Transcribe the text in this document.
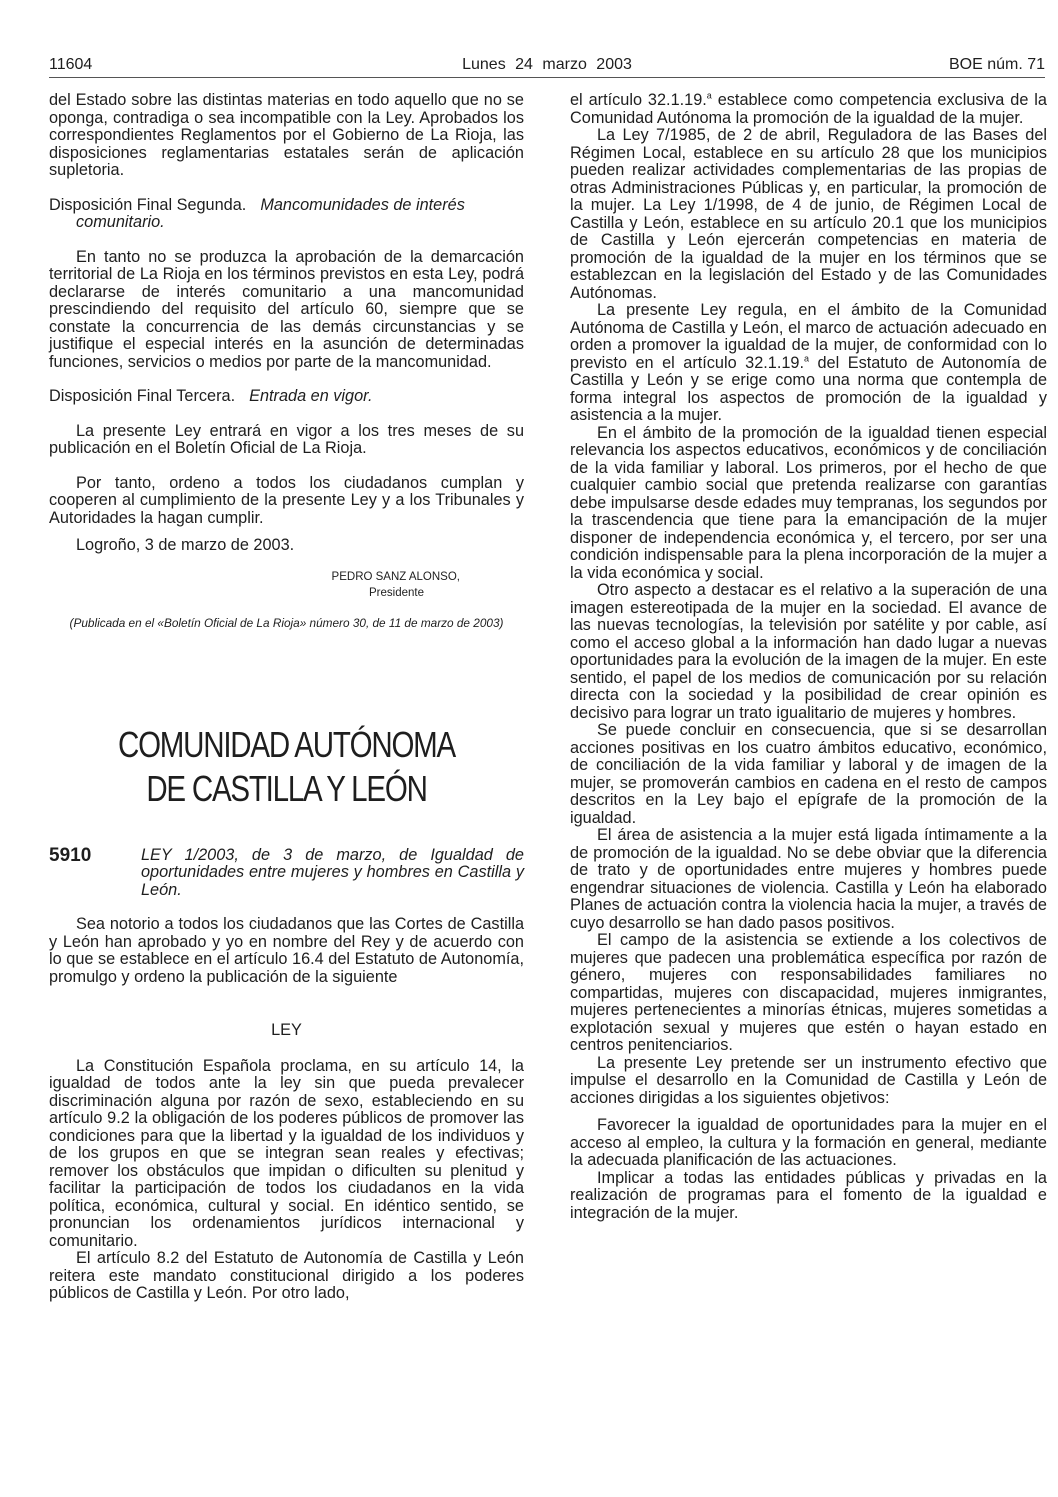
11604	Lunes 24 marzo 2003	BOE núm. 71

del Estado sobre las distintas materias en todo aquello que no se oponga, contradiga o sea incompatible con la Ley. Aprobados los correspondientes Reglamentos por el Gobierno de La Rioja, las disposiciones reglamentarias estatales serán de aplicación supletoria.

Disposición Final Segunda. Mancomunidades de interés comunitario.

En tanto no se produzca la aprobación de la demarcación territorial de La Rioja en los términos previstos en esta Ley, podrá declararse de interés comunitario a una mancomunidad prescindiendo del requisito del artículo 60, siempre que se constate la concurrencia de las demás circunstancias y se justifique el especial interés en la asunción de determinadas funciones, servicios o medios por parte de la mancomunidad.

Disposición Final Tercera. Entrada en vigor.

La presente Ley entrará en vigor a los tres meses de su publicación en el Boletín Oficial de La Rioja.

Por tanto, ordeno a todos los ciudadanos cumplan y cooperen al cumplimiento de la presente Ley y a los Tribunales y Autoridades la hagan cumplir.

Logroño, 3 de marzo de 2003.

PEDRO SANZ ALONSO,
Presidente

(Publicada en el «Boletín Oficial de La Rioja» número 30, de 11 de marzo de 2003)

COMUNIDAD AUTÓNOMA
DE CASTILLA Y LEÓN
5910	LEY 1/2003, de 3 de marzo, de Igualdad de oportunidades entre mujeres y hombres en Castilla y León.

Sea notorio a todos los ciudadanos que las Cortes de Castilla y León han aprobado y yo en nombre del Rey y de acuerdo con lo que se establece en el artículo 16.4 del Estatuto de Autonomía, promulgo y ordeno la publicación de la siguiente

LEY

La Constitución Española proclama, en su artículo 14, la igualdad de todos ante la ley sin que pueda prevalecer discriminación alguna por razón de sexo, estableciendo en su artículo 9.2 la obligación de los poderes públicos de promover las condiciones para que la libertad y la igualdad de los individuos y de los grupos en que se integran sean reales y efectivas; remover los obstáculos que impidan o dificulten su plenitud y facilitar la participación de todos los ciudadanos en la vida política, económica, cultural y social. En idéntico sentido, se pronuncian los ordenamientos jurídicos internacional y comunitario.

El artículo 8.2 del Estatuto de Autonomía de Castilla y León reitera este mandato constitucional dirigido a los poderes públicos de Castilla y León. Por otro lado,

el artículo 32.1.19.$^a$ establece como competencia exclusiva de la Comunidad Autónoma la promoción de la igualdad de la mujer.

La Ley 7/1985, de 2 de abril, Reguladora de las Bases del Régimen Local, establece en su artículo 28 que los municipios pueden realizar actividades complementarias de las propias de otras Administraciones Públicas y, en particular, la promoción de la mujer. La Ley 1/1998, de 4 de junio, de Régimen Local de Castilla y León, establece en su artículo 20.1 que los municipios de Castilla y León ejercerán competencias en materia de promoción de la igualdad de la mujer en los términos que se establezcan en la legislación del Estado y de las Comunidades Autónomas.

La presente Ley regula, en el ámbito de la Comunidad Autónoma de Castilla y León, el marco de actuación adecuado en orden a promover la igualdad de la mujer, de conformidad con lo previsto en el artículo 32.1.19.$^a$ del Estatuto de Autonomía de Castilla y León y se erige como una norma que contempla de forma integral los aspectos de promoción de la igualdad y asistencia a la mujer.

En el ámbito de la promoción de la igualdad tienen especial relevancia los aspectos educativos, económicos y de conciliación de la vida familiar y laboral. Los primeros, por el hecho de que cualquier cambio social que pretenda realizarse con garantías debe impulsarse desde edades muy tempranas, los segundos por la trascendencia que tiene para la emancipación de la mujer disponer de independencia económica y, el tercero, por ser una condición indispensable para la plena incorporación de la mujer a la vida económica y social.

Otro aspecto a destacar es el relativo a la superación de una imagen estereotipada de la mujer en la sociedad. El avance de las nuevas tecnologías, la televisión por satélite y por cable, así como el acceso global a la información han dado lugar a nuevas oportunidades para la evolución de la imagen de la mujer. En este sentido, el papel de los medios de comunicación por su relación directa con la sociedad y la posibilidad de crear opinión es decisivo para lograr un trato igualitario de mujeres y hombres.

Se puede concluir en consecuencia, que si se desarrollan acciones positivas en los cuatro ámbitos educativo, económico, de conciliación de la vida familiar y laboral y de imagen de la mujer, se promoverán cambios en cadena en el resto de campos descritos en la Ley bajo el epígrafe de la promoción de la igualdad.

El área de asistencia a la mujer está ligada íntimamente a la de promoción de la igualdad. No se debe obviar que la diferencia de trato y de oportunidades entre mujeres y hombres puede engendrar situaciones de violencia. Castilla y León ha elaborado Planes de actuación contra la violencia hacia la mujer, a través de cuyo desarrollo se han dado pasos positivos.

El campo de la asistencia se extiende a los colectivos de mujeres que padecen una problemática específica por razón de género, mujeres con responsabilidades familiares no compartidas, mujeres con discapacidad, mujeres inmigrantes, mujeres pertenecientes a minorías étnicas, mujeres sometidas a explotación sexual y mujeres que estén o hayan estado en centros penitenciarios.

La presente Ley pretende ser un instrumento efectivo que impulse el desarrollo en la Comunidad de Castilla y León de acciones dirigidas a los siguientes objetivos:

Favorecer la igualdad de oportunidades para la mujer en el acceso al empleo, la cultura y la formación en general, mediante la adecuada planificación de las actuaciones.

Implicar a todas las entidades públicas y privadas en la realización de programas para el fomento de la igualdad e integración de la mujer.
